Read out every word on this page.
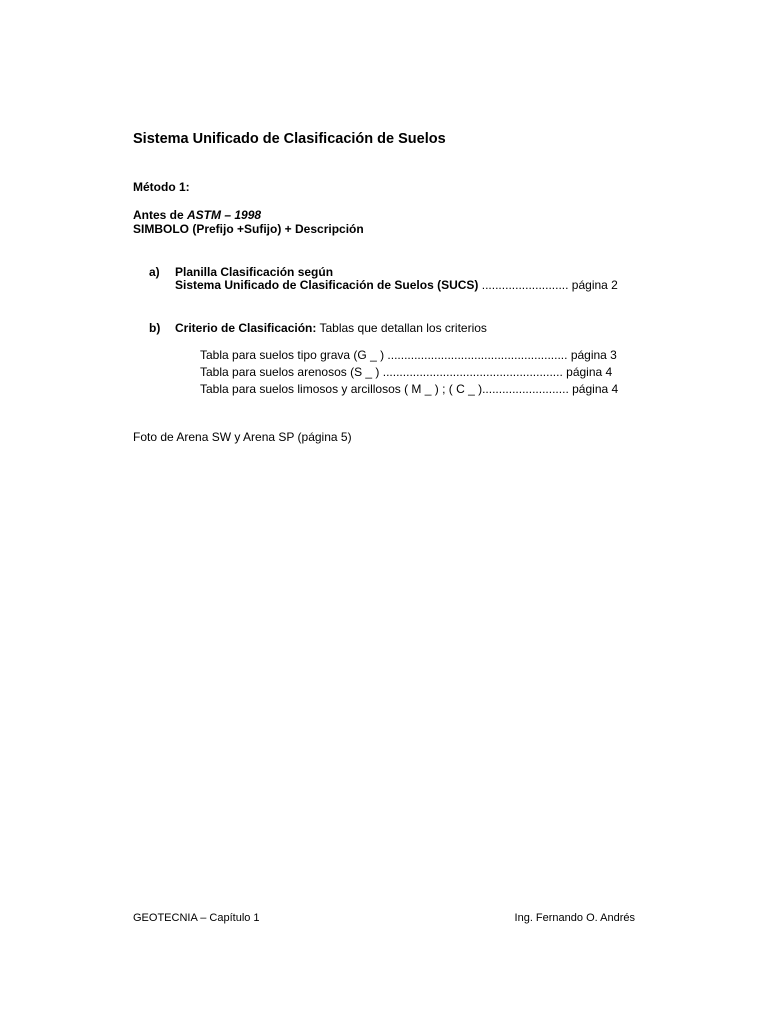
Sistema Unificado de Clasificación de Suelos
Método 1:
Antes de ASTM – 1998
SIMBOLO (Prefijo +Sufijo) + Descripción
a) Planilla Clasificación según
Sistema Unificado de Clasificación de Suelos (SUCS) .......................... página 2
b) Criterio de Clasificación: Tablas que detallan los criterios
Tabla para suelos tipo grava (G _ ) ...................................................... página 3
Tabla para suelos arenosos (S _ ) ...................................................... página 4
Tabla para suelos limosos y arcillosos ( M _ ) ; ( C _ ).......................... página 4
Foto de Arena SW y Arena SP (página 5)
GEOTECNIA – Capítulo 1	Ing. Fernando O. Andrés
